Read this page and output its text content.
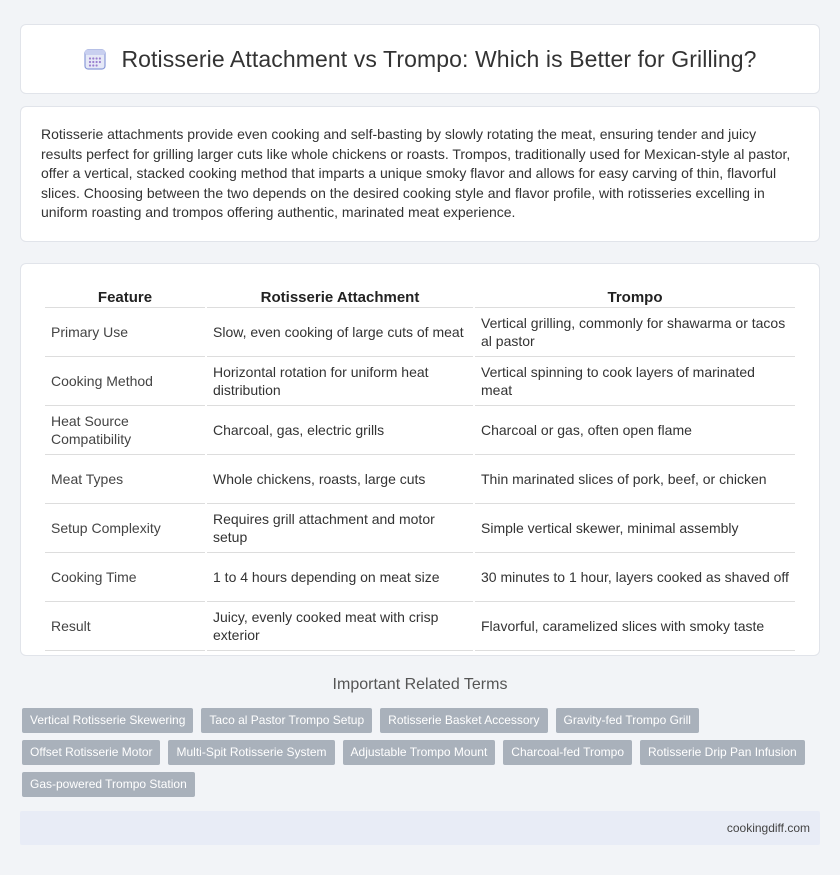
Rotisserie Attachment vs Trompo: Which is Better for Grilling?

Rotisserie attachments provide even cooking and self-basting by slowly rotating the meat, ensuring tender and juicy results perfect for grilling larger cuts like whole chickens or roasts. Trompos, traditionally used for Mexican-style al pastor, offer a vertical, stacked cooking method that imparts a unique smoky flavor and allows for easy carving of thin, flavorful slices. Choosing between the two depends on the desired cooking style and flavor profile, with rotisseries excelling in uniform roasting and trompos offering authentic, marinated meat experience.

Feature	Rotisserie Attachment	Trompo
Primary Use	Slow, even cooking of large cuts of meat	Vertical grilling, commonly for shawarma or tacos al pastor
Cooking Method	Horizontal rotation for uniform heat distribution	Vertical spinning to cook layers of marinated meat
Heat Source Compatibility	Charcoal, gas, electric grills	Charcoal or gas, often open flame
Meat Types	Whole chickens, roasts, large cuts	Thin marinated slices of pork, beef, or chicken
Setup Complexity	Requires grill attachment and motor setup	Simple vertical skewer, minimal assembly
Cooking Time	1 to 4 hours depending on meat size	30 minutes to 1 hour, layers cooked as shaved off
Result	Juicy, evenly cooked meat with crisp exterior	Flavorful, caramelized slices with smoky taste
Important Related Terms
Vertical Rotisserie Skewering	Taco al Pastor Trompo Setup	Rotisserie Basket Accessory	Gravity-fed Trompo Grill
Offset Rotisserie Motor	Multi-Spit Rotisserie System	Adjustable Trompo Mount	Charcoal-fed Trompo	Rotisserie Drip Pan Infusion
Gas-powered Trompo Station
cookingdiff.com
